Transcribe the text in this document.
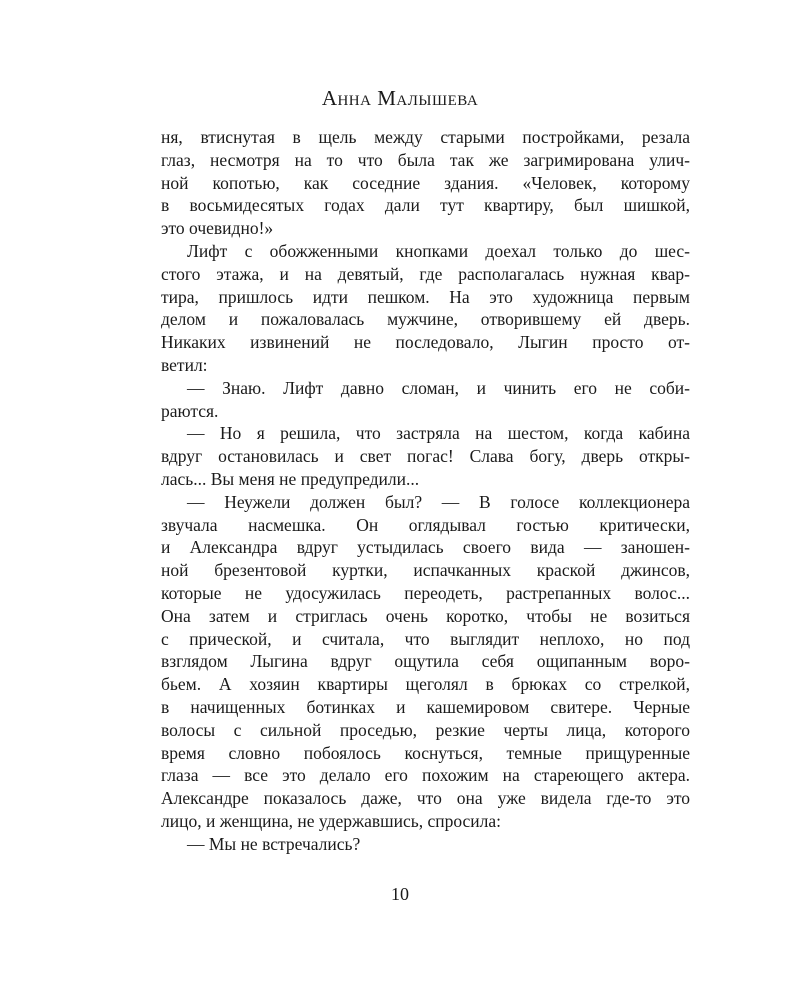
Анна Малышева
ня, втиснутая в щель между старыми постройками, резала
глаз, несмотря на то что была так же загримирована улич-
ной копотью, как соседние здания. «Человек, которому
в восьмидесятых годах дали тут квартиру, был шишкой,
это очевидно!»
Лифт с обожженными кнопками доехал только до шес-
стого этажа, и на девятый, где располагалась нужная квар-
тира, пришлось идти пешком. На это художница первым
делом и пожаловалась мужчине, отворившему ей дверь.
Никаких извинений не последовало, Лыгин просто от-
ветил:
— Знаю. Лифт давно сломан, и чинить его не соби-
раются.
— Но я решила, что застряла на шестом, когда кабина
вдруг остановилась и свет погас! Слава богу, дверь откры-
лась... Вы меня не предупредили...
— Неужели должен был? — В голосе коллекционера
звучала насмешка. Он оглядывал гостью критически,
и Александра вдруг устыдилась своего вида — заношен-
ной брезентовой куртки, испачканных краской джинсов,
которые не удосужилась переодеть, растрепанных волос...
Она затем и стриглась очень коротко, чтобы не возиться
с прической, и считала, что выглядит неплохо, но под
взглядом Лыгина вдруг ощутила себя ощипанным воро-
бьем. А хозяин квартиры щеголял в брюках со стрелкой,
в начищенных ботинках и кашемировом свитере. Черные
волосы с сильной проседью, резкие черты лица, которого
время словно побоялось коснуться, темные прищуренные
глаза — все это делало его похожим на стареющего актера.
Александре показалось даже, что она уже видела где-то это
лицо, и женщина, не удержавшись, спросила:
— Мы не встречались?
10
